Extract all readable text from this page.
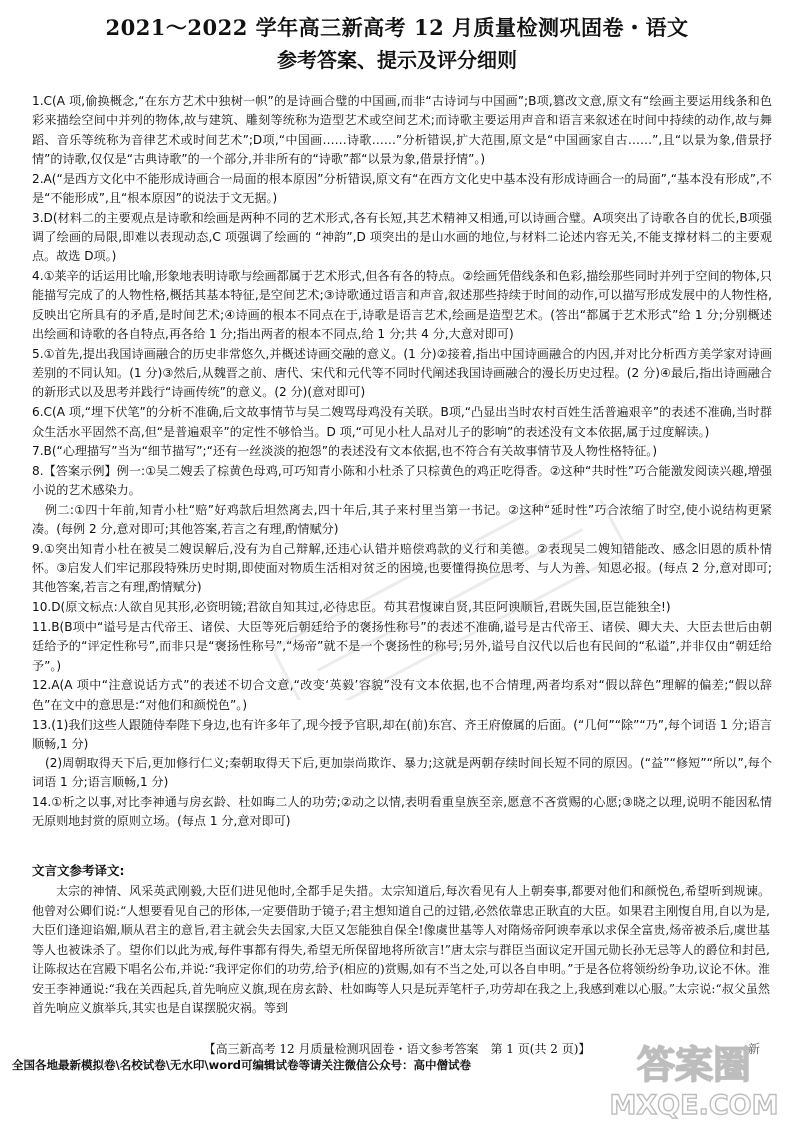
2021～2022 学年高三新高考 12 月质量检测巩固卷・语文
参考答案、提示及评分细则

1.C(A 项,偷换概念,“在东方艺术中独树一帜”的是诗画合璧的中国画,而非“古诗词与中国画”;B项,篡改文意,原文有“绘画主要运用线条和色彩来描绘空间中并列的物体,故与建筑、雕刻等统称为造型艺术或空间艺术;而诗歌主要运用声音和语言来叙述在时间中持续的动作,故与舞蹈、音乐等统称为音律艺术或时间艺术”;D项,“中国画……诗歌……”分析错误,扩大范围,原文是“中国画家自古……”,且“以景为象,借景抒情”的诗歌,仅仅是“古典诗歌”的一个部分,并非所有的“诗歌”都“以景为象,借景抒情”。)

2.A(“是西方文化中不能形成诗画合一局面的根本原因”分析错误,原文有“在西方文化史中基本没有形成诗画合一的局面”,“基本没有形成”,不是“不能形成”,且“根本原因”的说法于文无据。)

3.D(材料二的主要观点是诗歌和绘画是两种不同的艺术形式,各有长短,其艺术精神又相通,可以诗画合璧。A项突出了诗歌各自的优长,B项强调了绘画的局限,即难以表现动态,C 项强调了绘画的 “神韵”,D 项突出的是山水画的地位,与材料二论述内容无关,不能支撑材料二的主要观点。故选 D项。)

4.①莱辛的话运用比喻,形象地表明诗歌与绘画都属于艺术形式,但各有各的特点。②绘画凭借线条和色彩,描绘那些同时并列于空间的物体,只能描写完成了的人物性格,概括其基本特征,是空间艺术;③诗歌通过语言和声音,叙述那些持续于时间的动作,可以描写形成发展中的人物性格,反映出它所具有的矛盾,是时间艺术;④诗画的根本不同点在于,诗歌是语言艺术,绘画是造型艺术。(答出“都属于艺术形式”给 1 分;分别概述出绘画和诗歌的各自特点,再各给 1 分;指出两者的根本不同点,给 1 分;共 4 分,大意对即可)

5.①首先,提出我国诗画融合的历史非常悠久,并概述诗画交融的意义。(1 分)②接着,指出中国诗画融合的内因,并对比分析西方美学家对诗画差别的不同认知。(1 分)③然后,从魏晋之前、唐代、宋代和元代等不同时代阐述我国诗画融合的漫长历史过程。(2 分)④最后,指出诗画融合的新形式以及思考并践行“诗画传统”的意义。(2 分)(意对即可)

6.C(A 项,“埋下伏笔”的分析不准确,后文故事情节与吴二嫂骂母鸡没有关联。B项,“凸显出当时农村百姓生活普遍艰辛”的表述不准确,当时群众生活水平固然不高,但“是普遍艰辛”的定性不够恰当。D 项,“可见小杜人品对儿子的影响”的表述没有文本依据,属于过度解读。)

7.B(“心理描写”当为“细节描写”;“还有一丝淡淡的抱怨”的表述没有文本依据,也不符合有关故事情节及人物性格特征。)

8.【答案示例】例一:①吴二嫂丢了棕黄色母鸡,可巧知青小陈和小杜杀了只棕黄色的鸡正吃得香。②这种“共时性”巧合能激发阅读兴趣,增强小说的艺术感染力。

例二:①四十年前,知青小杜“赔”好鸡款后坦然离去,四十年后,其子来村里当第一书记。②这种“延时性”巧合浓缩了时空,使小说结构更紧凑。(每例 2 分,意对即可;其他答案,若言之有理,酌情赋分)

9.①突出知青小杜在被吴二嫂误解后,没有为自己辩解,还违心认错并赔偿鸡款的义行和美德。②表现吴二嫂知错能改、感念旧恩的质朴情怀。③启发人们牢记那段特殊历史时期,即使面对物质生活相对贫乏的困境,也要懂得换位思考、与人为善、知恩必报。(每点 2 分,意对即可;其他答案,若言之有理,酌情赋分)

10.D(原文标点:人欲自见其形,必资明镜;君欲自知其过,必待忠臣。苟其君愎谏自贤,其臣阿谀顺旨,君既失国,臣岂能独全!)

11.B(B项中“谥号是古代帝王、诸侯、大臣等死后朝廷给予的褒扬性称号”的表述不准确,谥号是古代帝王、诸侯、卿大夫、大臣去世后由朝廷给予的“评定性称号”,而非只是“褒扬性称号”,“炀帝”就不是一个褒扬性的称号;另外,谥号自汉代以后也有民间的“私谥”,并非仅由“朝廷给予”。)

12.A(A 项中“注意说话方式”的表述不切合文意,“改变‘英毅’容貌”没有文本依据,也不合情理,两者均系对“假以辞色”理解的偏差;“假以辞色”在文中的意思是:“对他们和颜悦色”。)

13.(1)我们这些人跟随侍奉陛下身边,也有许多年了,现今授予官职,却在(前)东宫、齐王府僚属的后面。(“几何”“除”“乃”,每个词语 1 分;语言顺畅,1 分)

(2)周朝取得天下后,更加修行仁义;秦朝取得天下后,更加崇尚欺诈、暴力;这就是两朝存续时间长短不同的原因。(“益”“修短”“所以”,每个词语 1 分;语言顺畅,1 分)

14.①析之以事,对比李神通与房玄龄、杜如晦二人的功劳;②动之以情,表明看重皇族至亲,愿意不吝赏赐的心愿;③晓之以理,说明不能因私情无原则地封赏的原则立场。(每点 1 分,意对即可)

文言文参考译文:
太宗的神情、风采英武刚毅,大臣们进见他时,全都手足失措。太宗知道后,每次看见有人上朝奏事,都要对他们和颜悦色,希望听到规谏。他曾对公卿们说:“人想要看见自己的形体,一定要借助于镜子;君主想知道自己的过错,必然依靠忠正耿直的大臣。如果君主刚愎自用,自以为是,大臣们逢迎谄媚,顺从君主的意旨,君主就会失去国家,大臣又怎能独自保全!像虞世基等人对隋炀帝阿谀奉承以求保全富贵,炀帝被杀后,虞世基等人也被诛杀了。望你们以此为戒,每件事都有得失,希望无所保留地将所欲言!”唐太宗与群臣当面议定开国元勋长孙无忌等人的爵位和封邑,让陈叔达在宫殿下唱名公布,并说:“我评定你们的功劳,给予(相应的)赏赐,如有不当之处,可以各自申明。”于是各位将领纷纷争功,议论不休。淮安王李神通说:“我在关西起兵,首先响应义旗,现在房玄龄、杜如晦等人只是玩弄笔杆子,功劳却在我之上,我感到难以心服。”太宗说:“叔父虽然首先响应义旗举兵,其实也是自谋摆脱灾祸。等到
【高三新高考 12 月质量检测巩固卷・语文参考答案　第 1 页(共 2 页)】	新
全国各地最新模拟卷\名校试卷\无水印\word可编辑试卷等请关注微信公众号：高中僧试卷	答案圈
MXQE.COM
